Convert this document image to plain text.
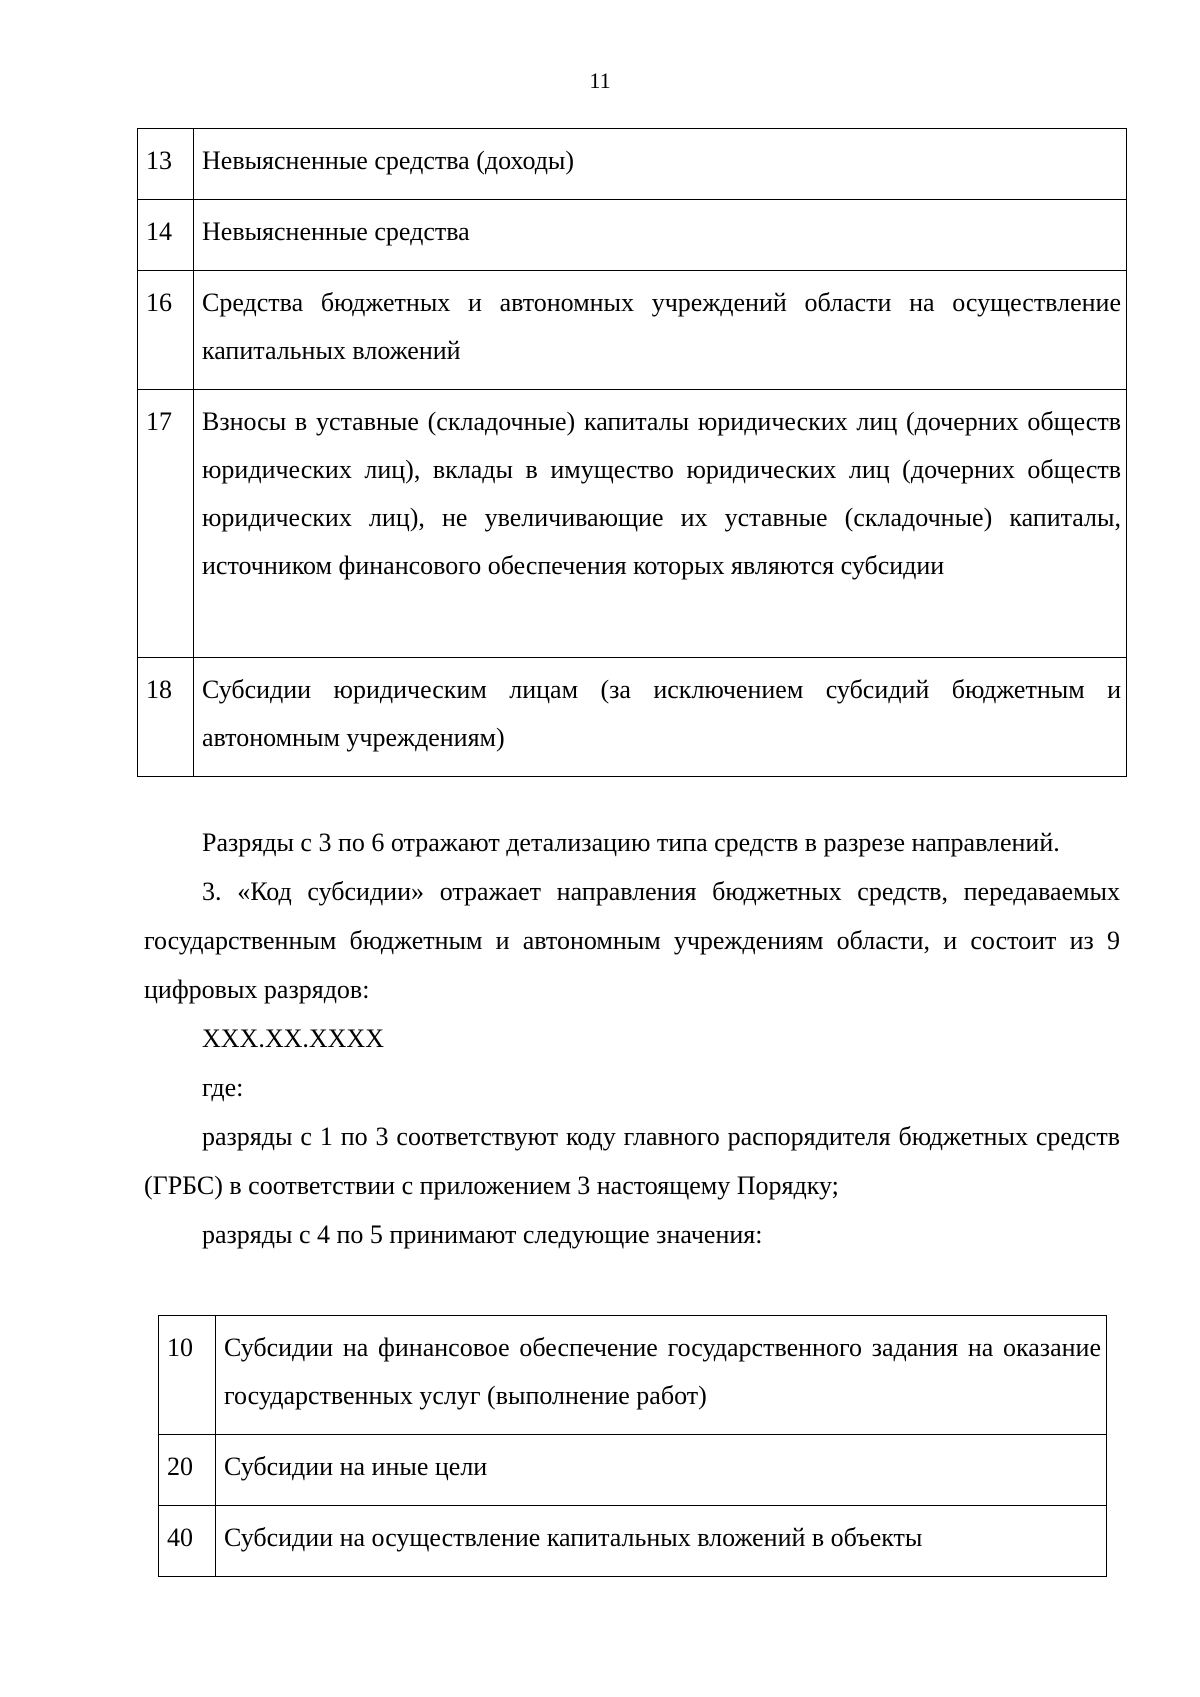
11
13	Невыясненные средства (доходы)

14	Невыясненные средства

16	Средства бюджетных и автономных учреждений области на осуществление капитальных вложений

17	Взносы в уставные (складочные) капиталы юридических лиц (дочерних обществ юридических лиц), вклады в имущество юридических лиц (дочерних обществ юридических лиц), не увеличивающие их уставные (складочные) капиталы, источником финансового обеспечения которых являются субсидии

18	Субсидии юридическим лицам (за исключением субсидий бюджетным и автономным учреждениям)

Разряды с 3 по 6 отражают детализацию типа средств в разрезе направлений.

3. «Код субсидии» отражает направления бюджетных средств, передаваемых государственным бюджетным и автономным учреждениям области, и состоит из 9 цифровых разрядов:

ХХХ.ХХ.ХХХХ

где:

разряды с 1 по 3 соответствуют коду главного распорядителя бюджетных средств (ГРБС) в соответствии с приложением 3 настоящему Порядку;

разряды с 4 по 5 принимают следующие значения:

10	Субсидии на финансовое обеспечение государственного задания на оказание государственных услуг (выполнение работ)

20	Субсидии на иные цели

40	Субсидии на осуществление капитальных вложений в объекты
